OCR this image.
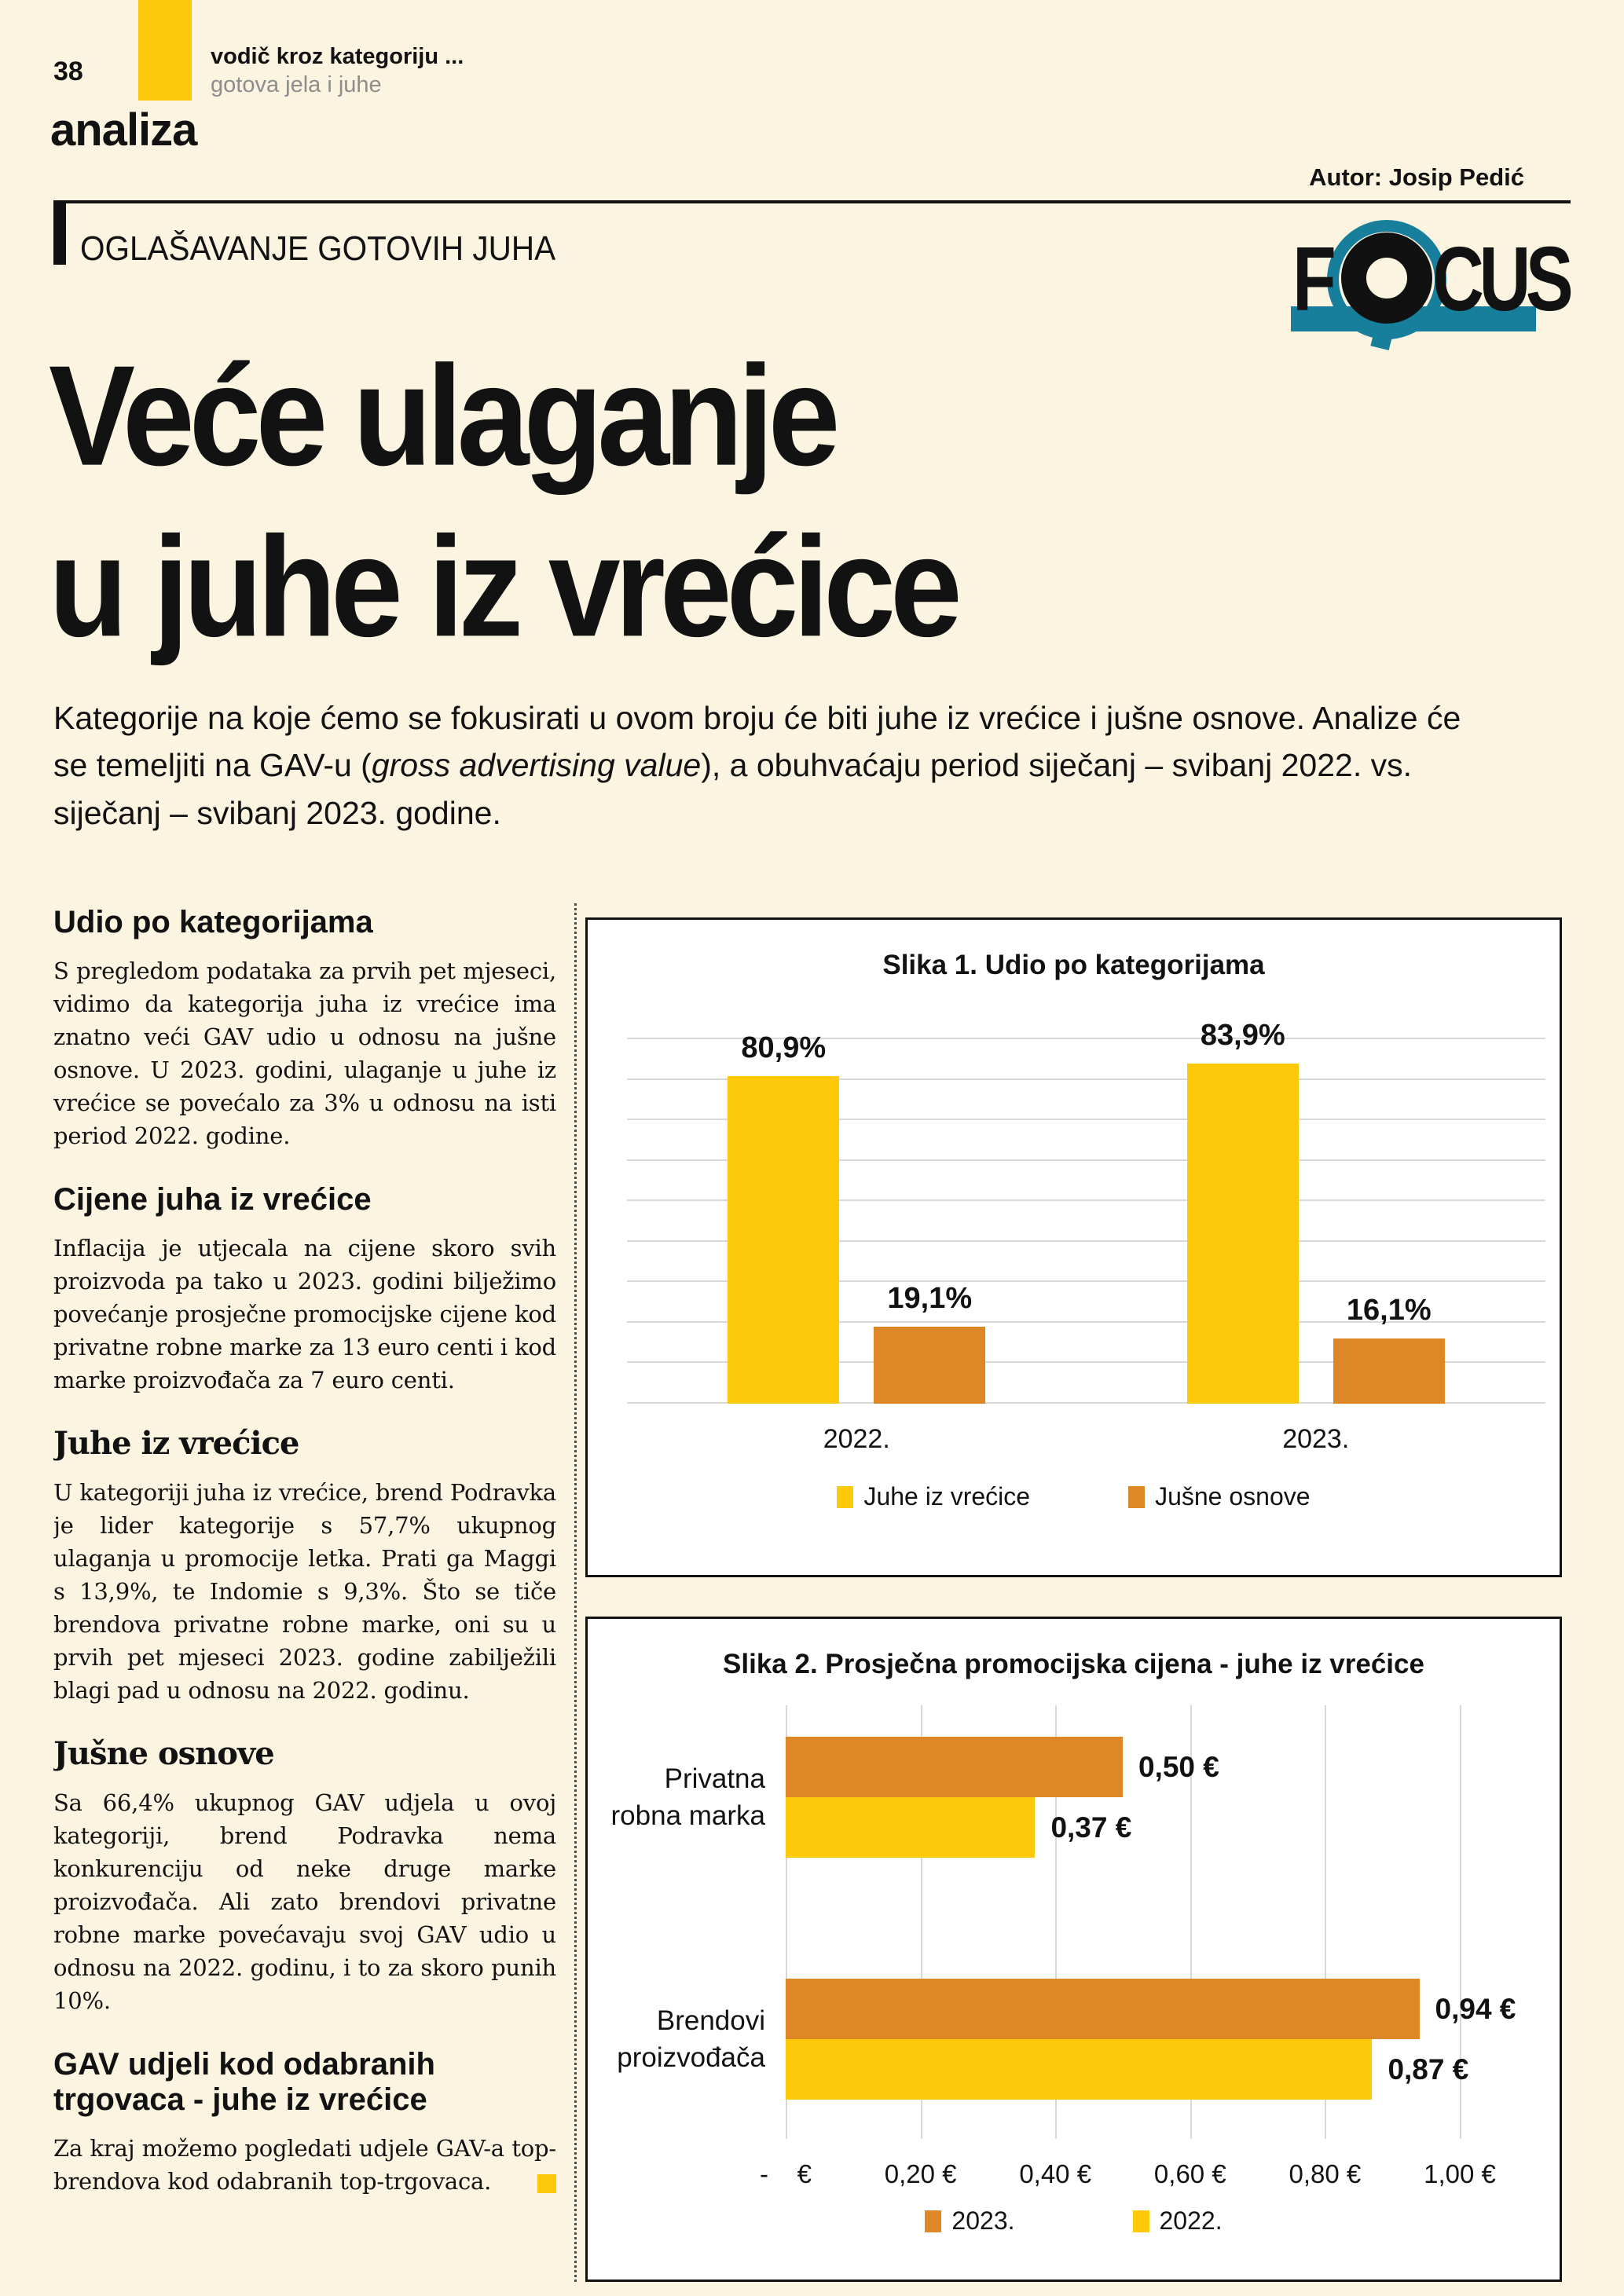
38	vodič kroz kategoriju ...
gotova jela i juhe
analiza
Autor: Josip Pedić
OGLAŠAVANJE GOTOVIH JUHA	F CUS
Veće ulaganje
u juhe iz vrećice

Kategorije na koje ćemo se fokusirati u ovom broju će biti juhe iz vrećice i jušne osnove. Analize će se temeljiti na GAV-u (gross advertising value), a obuhvaćaju period siječanj – svibanj 2022. vs. siječanj – svibanj 2023. godine.

Udio po kategorijama

S pregledom podataka za prvih pet mjeseci, vidimo da kategorija juha iz vrećice ima znatno veći GAV udio u odnosu na jušne osnove. U 2023. godini, ulaganje u juhe iz vrećice se povećalo za 3% u odnosu na isti period 2022. godine.

Cijene juha iz vrećice

Inflacija je utjecala na cijene skoro svih proizvoda pa tako u 2023. godini bilježimo povećanje prosječne promocijske cijene kod privatne robne marke za 13 euro centi i kod marke proizvođača za 7 euro centi.

Juhe iz vrećice

U kategoriji juha iz vrećice, brend Podravka je lider kategorije s 57,7% ukupnog ulaganja u promocije letka. Prati ga Maggi s 13,9%, te Indomie s 9,3%. Što se tiče brendova privatne robne marke, oni su u prvih pet mjeseci 2023. godine zabilježili blagi pad u odnosu na 2022. godinu.

Jušne osnove

Sa 66,4% ukupnog GAV udjela u ovoj kategoriji, brend Podravka nema konkurenciju od neke druge marke proizvođača. Ali zato brendovi privatne robne marke povećavaju svoj GAV udio u odnosu na 2022. godinu, i to za skoro punih 10%.

GAV udjeli kod odabranih trgovaca - juhe iz vrećice

Za kraj možemo pogledati udjele GAV-a top-brendova kod odabranih top-trgovaca.

Slika 1. Udio po kategorijama
80,9%
19,1%
83,9%
16,1%
2022.	2023.
Juhe iz vrećice	Jušne osnove
Slika 2. Prosječna promocijska cijena - juhe iz vrećice
Privatna robna marka
0,50 €
0,37 €
Brendovi proizvođača
0,94 €
0,87 €
-    €	0,20 € 0,40 € 0,60 € 0,80 € 1,00 €
2023.	2022.
